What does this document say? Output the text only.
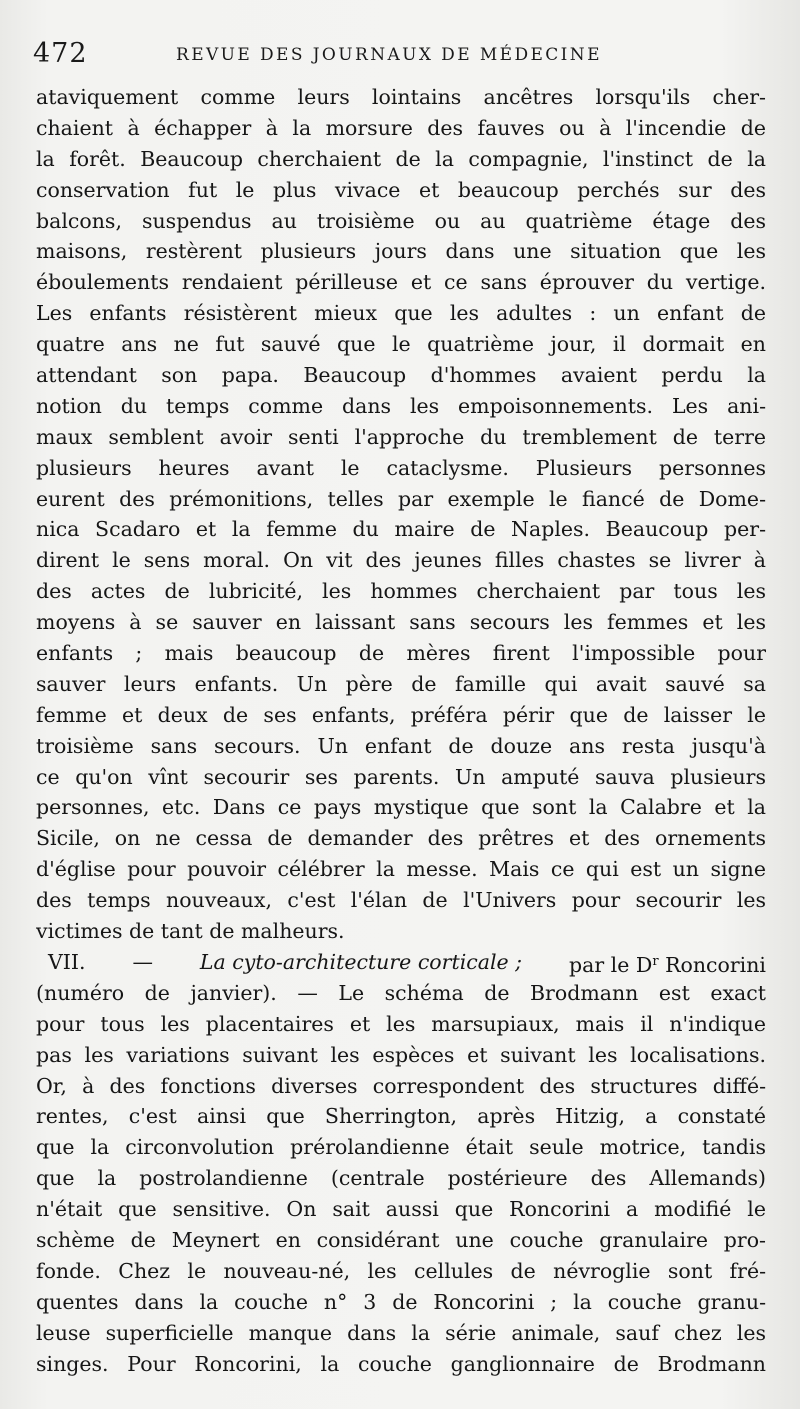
472	REVUE DES JOURNAUX DE MÉDECINE
ataviquement comme leurs lointains ancêtres lorsqu'ils cher-
chaient à échapper à la morsure des fauves ou à l'incendie de
la forêt. Beaucoup cherchaient de la compagnie, l'instinct de la
conservation fut le plus vivace et beaucoup perchés sur des
balcons, suspendus au troisième ou au quatrième étage des
maisons, restèrent plusieurs jours dans une situation que les
éboulements rendaient périlleuse et ce sans éprouver du vertige.
Les enfants résistèrent mieux que les adultes : un enfant de
quatre ans ne fut sauvé que le quatrième jour, il dormait en
attendant son papa. Beaucoup d'hommes avaient perdu la
notion du temps comme dans les empoisonnements. Les ani-
maux semblent avoir senti l'approche du tremblement de terre
plusieurs heures avant le cataclysme. Plusieurs personnes
eurent des prémonitions, telles par exemple le fiancé de Dome-
nica Scadaro et la femme du maire de Naples. Beaucoup per-
dirent le sens moral. On vit des jeunes filles chastes se livrer à
des actes de lubricité, les hommes cherchaient par tous les
moyens à se sauver en laissant sans secours les femmes et les
enfants ; mais beaucoup de mères firent l'impossible pour
sauver leurs enfants. Un père de famille qui avait sauvé sa
femme et deux de ses enfants, préféra périr que de laisser le
troisième sans secours. Un enfant de douze ans resta jusqu'à
ce qu'on vînt secourir ses parents. Un amputé sauva plusieurs
personnes, etc. Dans ce pays mystique que sont la Calabre et la
Sicile, on ne cessa de demander des prêtres et des ornements
d'église pour pouvoir célébrer la messe. Mais ce qui est un signe
des temps nouveaux, c'est l'élan de l'Univers pour secourir les
victimes de tant de malheurs.
VII. — La cyto-architecture corticale ; par le $D^r$ Roncorini
(numéro de janvier). — Le schéma de Brodmann est exact
pour tous les placentaires et les marsupiaux, mais il n'indique
pas les variations suivant les espèces et suivant les localisations.
Or, à des fonctions diverses correspondent des structures diffé-
rentes, c'est ainsi que Sherrington, après Hitzig, a constaté
que la circonvolution prérolandienne était seule motrice, tandis
que la postrolandienne (centrale postérieure des Allemands)
n'était que sensitive. On sait aussi que Roncorini a modifié le
schème de Meynert en considérant une couche granulaire pro-
fonde. Chez le nouveau-né, les cellules de névroglie sont fré-
quentes dans la couche n° 3 de Roncorini ; la couche granu-
leuse superficielle manque dans la série animale, sauf chez les
singes. Pour Roncorini, la couche ganglionnaire de Brodmann
